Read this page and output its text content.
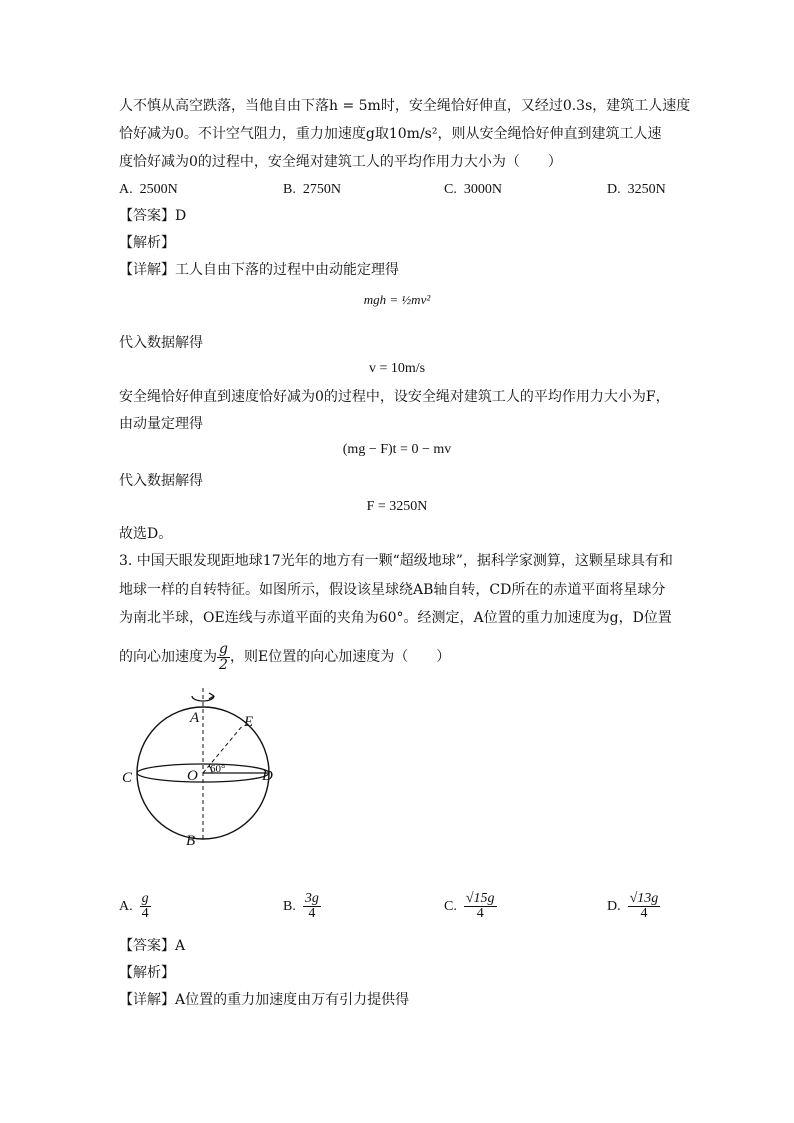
人不慎从高空跌落，当他自由下落h = 5m时，安全绳恰好伸直，又经过0.3s，建筑工人速度
恰好减为0。不计空气阻力，重力加速度g取10m/s²，则从安全绳恰好伸直到建筑工人速
度恰好减为0的过程中，安全绳对建筑工人的平均作用力大小为（　　）
A. 2500N	B. 2750N	C. 3000N	D. 3250N
【答案】D
【解析】
【详解】工人自由下落的过程中由动能定理得
mgh = ½mv²
代入数据解得
v = 10m/s
安全绳恰好伸直到速度恰好减为0的过程中，设安全绳对建筑工人的平均作用力大小为F，
由动量定理得
(mg − F)t = 0 − mv
代入数据解得
F = 3250N
故选D。
3. 中国天眼发现距地球17光年的地方有一颗“超级地球”，据科学家测算，这颗星球具有和
地球一样的自转特征。如图所示，假设该星球绕AB轴自转，CD所在的赤道平面将星球分
为南北半球，OE连线与赤道平面的夹角为60°。经测定，A位置的重力加速度为g，D位置
的向心加速度为 $\frac{g}{2}$ ，则E位置的向心加速度为（　　）
A	E
C	O	D
B
60°
A. $\frac{g}{4}$	B. $\frac{3g}{4}$	C. $\frac{√15g}{4}$	D. $\frac{√13g}{4}$
【答案】A
【解析】
【详解】A位置的重力加速度由万有引力提供得
